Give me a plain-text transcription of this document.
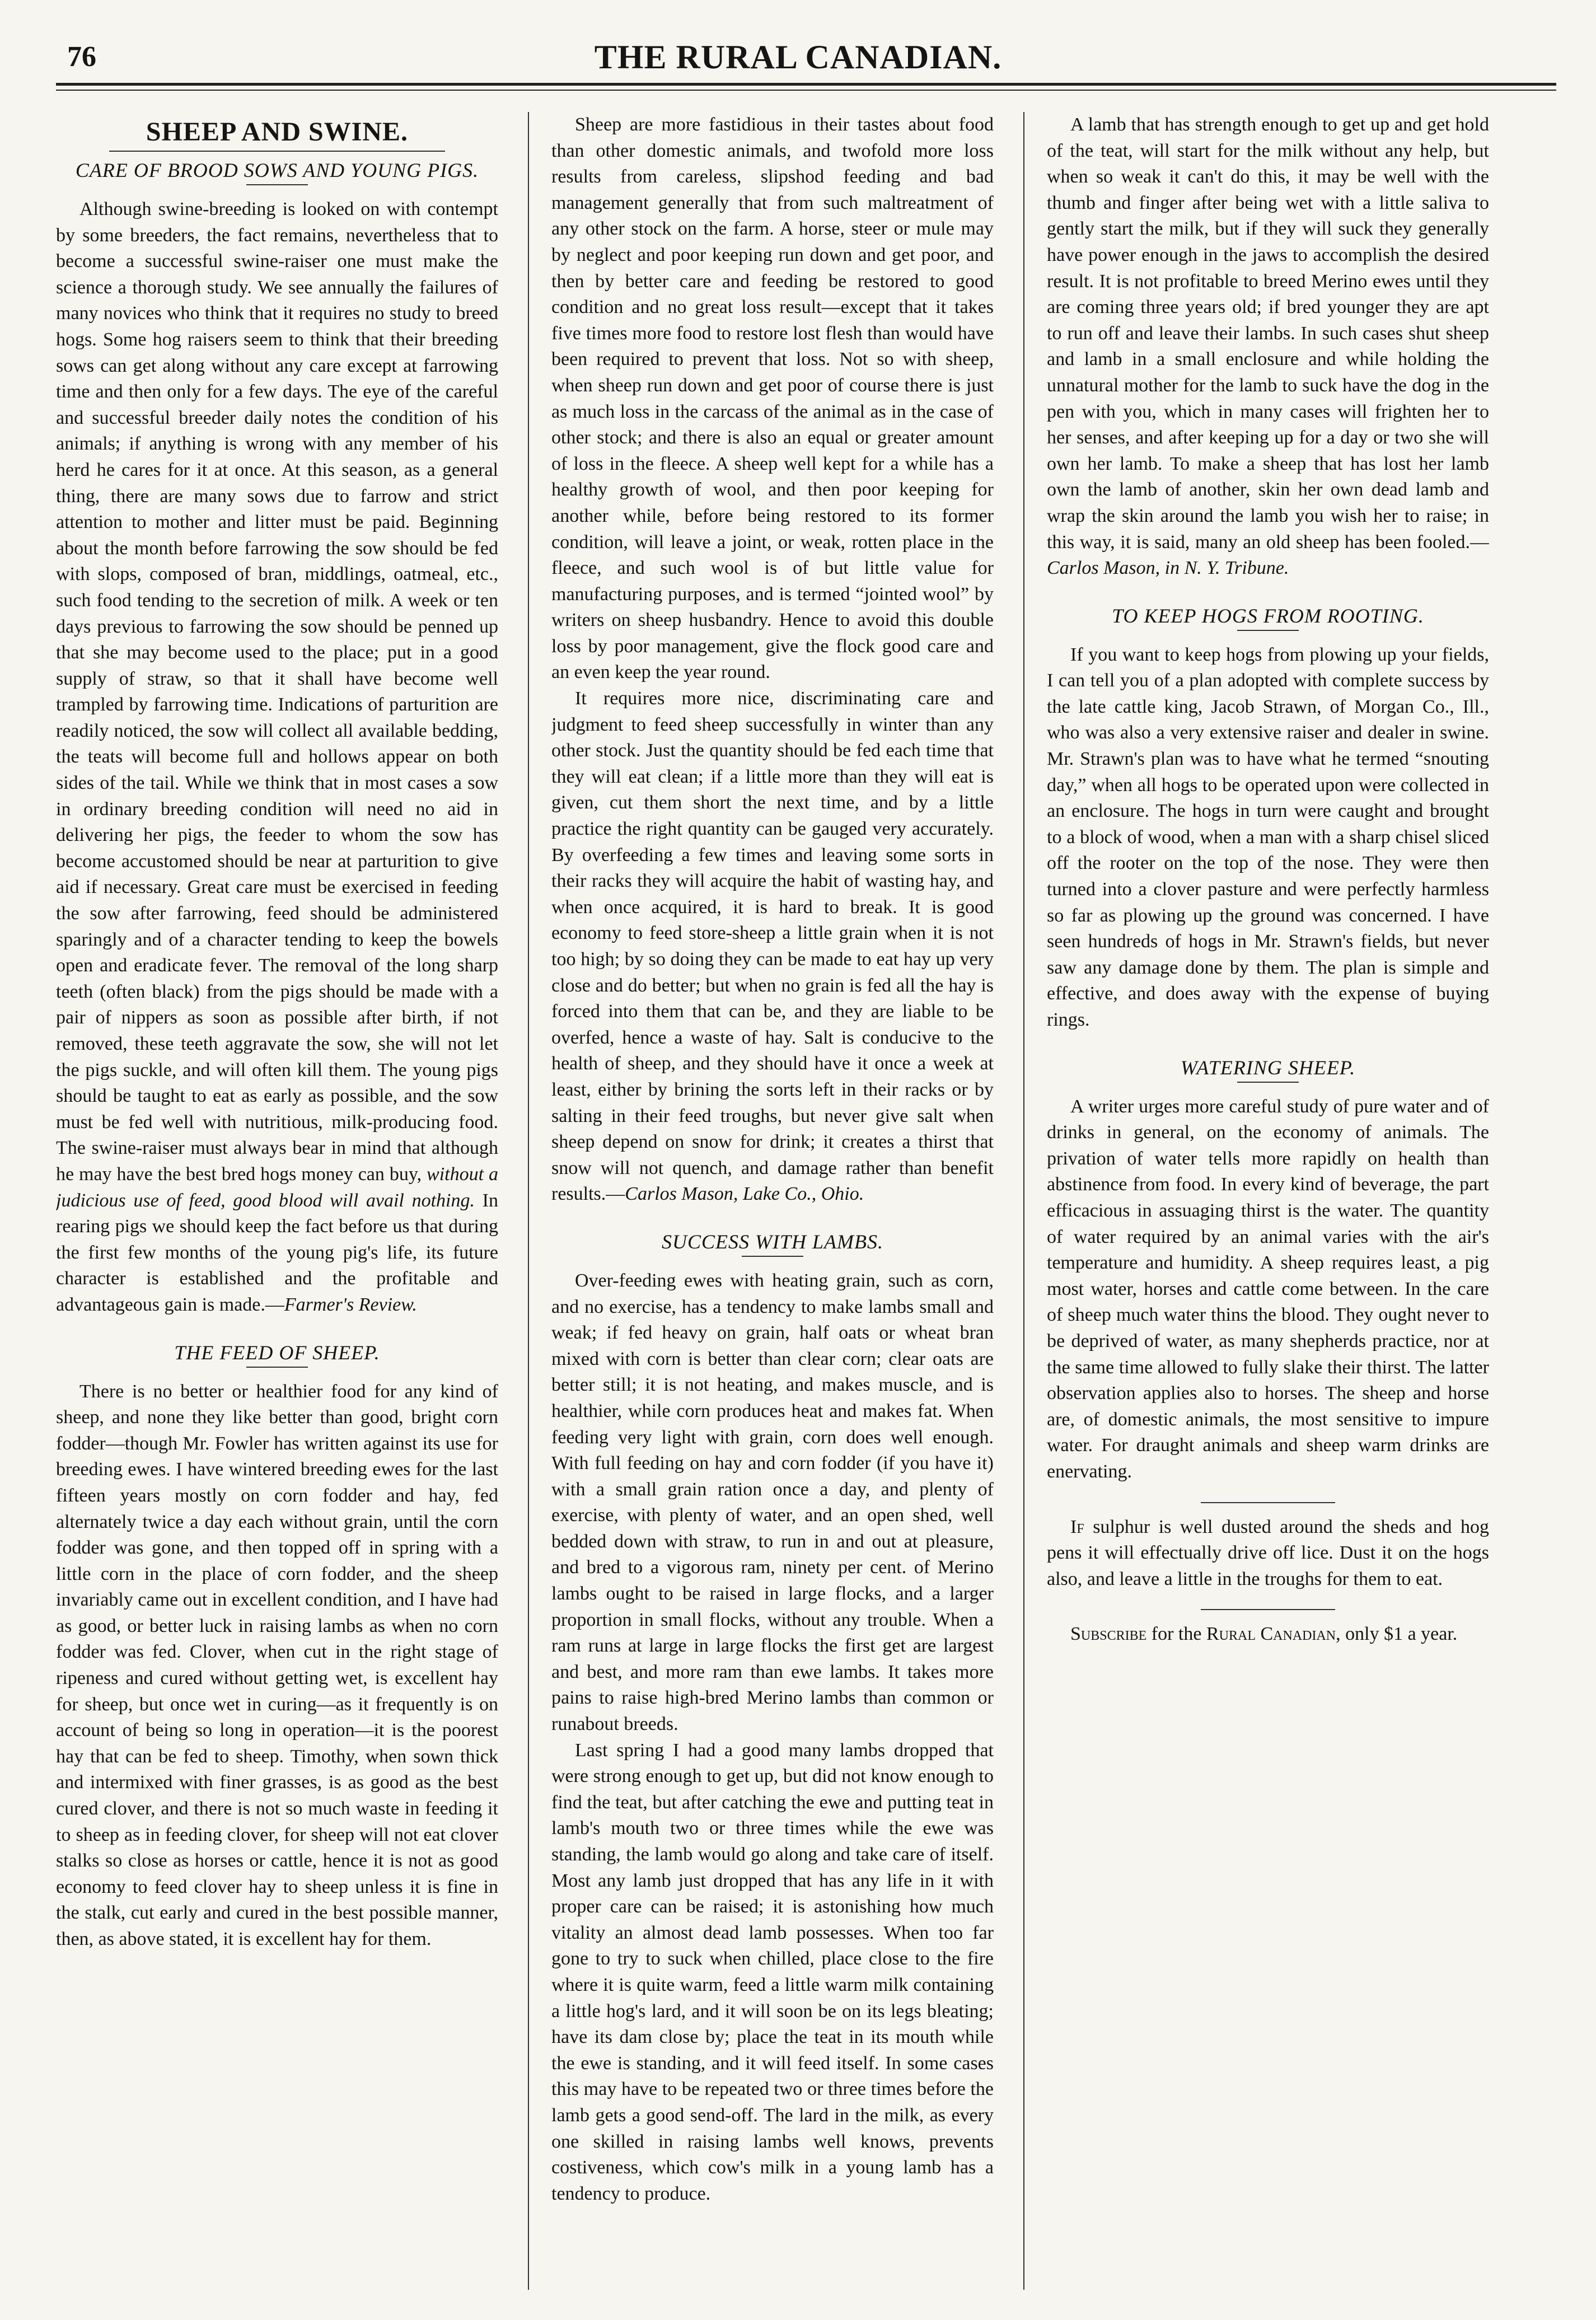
76	THE RURAL CANADIAN.
SHEEP AND SWINE.
CARE OF BROOD SOWS AND YOUNG PIGS.

Although swine-breeding is looked on with contempt by some breeders, the fact remains, nevertheless that to become a successful swine-raiser one must make the science a thorough study. We see annually the failures of many novices who think that it requires no study to breed hogs. Some hog raisers seem to think that their breeding sows can get along without any care except at farrowing time and then only for a few days. The eye of the careful and successful breeder daily notes the condition of his animals; if anything is wrong with any member of his herd he cares for it at once. At this season, as a general thing, there are many sows due to farrow and strict attention to mother and litter must be paid. Beginning about the month before farrowing the sow should be fed with slops, composed of bran, middlings, oatmeal, etc., such food tending to the secretion of milk. A week or ten days previous to farrowing the sow should be penned up that she may become used to the place; put in a good supply of straw, so that it shall have become well trampled by farrowing time. Indications of parturition are readily noticed, the sow will collect all available bedding, the teats will become full and hollows appear on both sides of the tail. While we think that in most cases a sow in ordinary breeding condition will need no aid in delivering her pigs, the feeder to whom the sow has become accustomed should be near at parturition to give aid if necessary. Great care must be exercised in feeding the sow after farrowing, feed should be administered sparingly and of a character tending to keep the bowels open and eradicate fever. The removal of the long sharp teeth (often black) from the pigs should be made with a pair of nippers as soon as possible after birth, if not removed, these teeth aggravate the sow, she will not let the pigs suckle, and will often kill them. The young pigs should be taught to eat as early as possible, and the sow must be fed well with nutritious, milk-producing food. The swine-raiser must always bear in mind that although he may have the best bred hogs money can buy, without a judicious use of feed, good blood will avail nothing. In rearing pigs we should keep the fact before us that during the first few months of the young pig's life, its future character is established and the profitable and advantageous gain is made.—Farmer's Review.

THE FEED OF SHEEP.

There is no better or healthier food for any kind of sheep, and none they like better than good, bright corn fodder—though Mr. Fowler has written against its use for breeding ewes. I have wintered breeding ewes for the last fifteen years mostly on corn fodder and hay, fed alternately twice a day each without grain, until the corn fodder was gone, and then topped off in spring with a little corn in the place of corn fodder, and the sheep invariably came out in excellent condition, and I have had as good, or better luck in raising lambs as when no corn fodder was fed. Clover, when cut in the right stage of ripeness and cured without getting wet, is excellent hay for sheep, but once wet in curing—as it frequently is on account of being so long in operation—it is the poorest hay that can be fed to sheep. Timothy, when sown thick and intermixed with finer grasses, is as good as the best cured clover, and there is not so much waste in feeding it to sheep as in feeding clover, for sheep will not eat clover stalks so close as horses or cattle, hence it is not as good economy to feed clover hay to sheep unless it is fine in the stalk, cut early and cured in the best possible manner, then, as above stated, it is excellent hay for them.

Sheep are more fastidious in their tastes about food than other domestic animals, and twofold more loss results from careless, slipshod feeding and bad management generally that from such maltreatment of any other stock on the farm. A horse, steer or mule may by neglect and poor keeping run down and get poor, and then by better care and feeding be restored to good condition and no great loss result—except that it takes five times more food to restore lost flesh than would have been required to prevent that loss. Not so with sheep, when sheep run down and get poor of course there is just as much loss in the carcass of the animal as in the case of other stock; and there is also an equal or greater amount of loss in the fleece. A sheep well kept for a while has a healthy growth of wool, and then poor keeping for another while, before being restored to its former condition, will leave a joint, or weak, rotten place in the fleece, and such wool is of but little value for manufacturing purposes, and is termed “jointed wool” by writers on sheep husbandry. Hence to avoid this double loss by poor management, give the flock good care and an even keep the year round.

It requires more nice, discriminating care and judgment to feed sheep successfully in winter than any other stock. Just the quantity should be fed each time that they will eat clean; if a little more than they will eat is given, cut them short the next time, and by a little practice the right quantity can be gauged very accurately. By overfeeding a few times and leaving some sorts in their racks they will acquire the habit of wasting hay, and when once acquired, it is hard to break. It is good economy to feed store-sheep a little grain when it is not too high; by so doing they can be made to eat hay up very close and do better; but when no grain is fed all the hay is forced into them that can be, and they are liable to be overfed, hence a waste of hay. Salt is conducive to the health of sheep, and they should have it once a week at least, either by brining the sorts left in their racks or by salting in their feed troughs, but never give salt when sheep depend on snow for drink; it creates a thirst that snow will not quench, and damage rather than benefit results.—Carlos Mason, Lake Co., Ohio.

SUCCESS WITH LAMBS.

Over-feeding ewes with heating grain, such as corn, and no exercise, has a tendency to make lambs small and weak; if fed heavy on grain, half oats or wheat bran mixed with corn is better than clear corn; clear oats are better still; it is not heating, and makes muscle, and is healthier, while corn produces heat and makes fat. When feeding very light with grain, corn does well enough. With full feeding on hay and corn fodder (if you have it) with a small grain ration once a day, and plenty of exercise, with plenty of water, and an open shed, well bedded down with straw, to run in and out at pleasure, and bred to a vigorous ram, ninety per cent. of Merino lambs ought to be raised in large flocks, and a larger proportion in small flocks, without any trouble. When a ram runs at large in large flocks the first get are largest and best, and more ram than ewe lambs. It takes more pains to raise high-bred Merino lambs than common or runabout breeds.

Last spring I had a good many lambs dropped that were strong enough to get up, but did not know enough to find the teat, but after catching the ewe and putting teat in lamb's mouth two or three times while the ewe was standing, the lamb would go along and take care of itself. Most any lamb just dropped that has any life in it with proper care can be raised; it is astonishing how much vitality an almost dead lamb possesses. When too far gone to try to suck when chilled, place close to the fire where it is quite warm, feed a little warm milk containing a little hog's lard, and it will soon be on its legs bleating; have its dam close by; place the teat in its mouth while the ewe is standing, and it will feed itself. In some cases this may have to be repeated two or three times before the lamb gets a good send-off. The lard in the milk, as every one skilled in raising lambs well knows, prevents costiveness, which cow's milk in a young lamb has a tendency to produce.

A lamb that has strength enough to get up and get hold of the teat, will start for the milk without any help, but when so weak it can't do this, it may be well with the thumb and finger after being wet with a little saliva to gently start the milk, but if they will suck they generally have power enough in the jaws to accomplish the desired result. It is not profitable to breed Merino ewes until they are coming three years old; if bred younger they are apt to run off and leave their lambs. In such cases shut sheep and lamb in a small enclosure and while holding the unnatural mother for the lamb to suck have the dog in the pen with you, which in many cases will frighten her to her senses, and after keeping up for a day or two she will own her lamb. To make a sheep that has lost her lamb own the lamb of another, skin her own dead lamb and wrap the skin around the lamb you wish her to raise; in this way, it is said, many an old sheep has been fooled.—Carlos Mason, in N. Y. Tribune.

TO KEEP HOGS FROM ROOTING.

If you want to keep hogs from plowing up your fields, I can tell you of a plan adopted with complete success by the late cattle king, Jacob Strawn, of Morgan Co., Ill., who was also a very extensive raiser and dealer in swine. Mr. Strawn's plan was to have what he termed “snouting day,” when all hogs to be operated upon were collected in an enclosure. The hogs in turn were caught and brought to a block of wood, when a man with a sharp chisel sliced off the rooter on the top of the nose. They were then turned into a clover pasture and were perfectly harmless so far as plowing up the ground was concerned. I have seen hundreds of hogs in Mr. Strawn's fields, but never saw any damage done by them. The plan is simple and effective, and does away with the expense of buying rings.

WATERING SHEEP.

A writer urges more careful study of pure water and of drinks in general, on the economy of animals. The privation of water tells more rapidly on health than abstinence from food. In every kind of beverage, the part efficacious in assuaging thirst is the water. The quantity of water required by an animal varies with the air's temperature and humidity. A sheep requires least, a pig most water, horses and cattle come between. In the care of sheep much water thins the blood. They ought never to be deprived of water, as many shepherds practice, nor at the same time allowed to fully slake their thirst. The latter observation applies also to horses. The sheep and horse are, of domestic animals, the most sensitive to impure water. For draught animals and sheep warm drinks are enervating.

If sulphur is well dusted around the sheds and hog pens it will effectually drive off lice. Dust it on the hogs also, and leave a little in the troughs for them to eat.

Subscribe for the Rural Canadian, only $1 a year.
